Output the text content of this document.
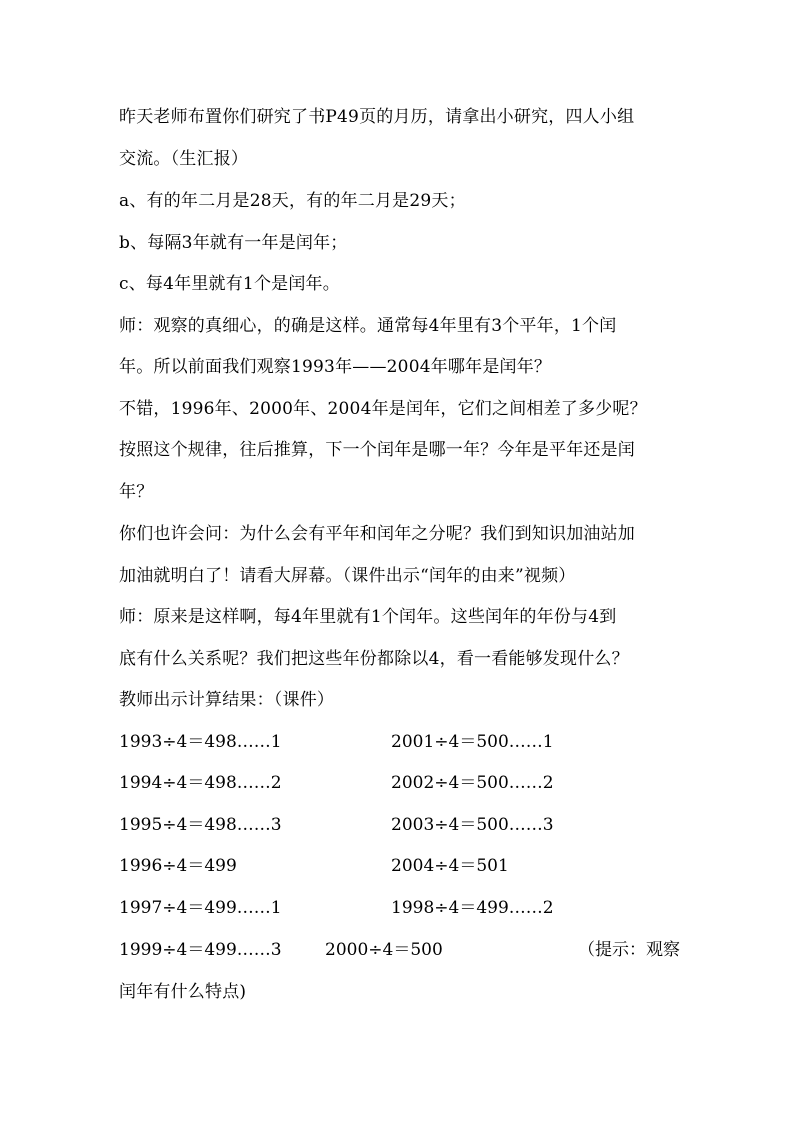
昨天老师布置你们研究了书P49页的月历，请拿出小研究，四人小组
交流。（生汇报）
a、有的年二月是28天，有的年二月是29天；
b、每隔3年就有一年是闰年；
c、每4年里就有1个是闰年。
师：观察的真细心，的确是这样。通常每4年里有3个平年，1个闰
年。所以前面我们观察1993年——2004年哪年是闰年？
不错，1996年、2000年、2004年是闰年，它们之间相差了多少呢？
按照这个规律，往后推算，下一个闰年是哪一年？今年是平年还是闰
年？
你们也许会问：为什么会有平年和闰年之分呢？我们到知识加油站加
加油就明白了！请看大屏幕。（课件出示“闰年的由来”视频）
师：原来是这样啊，每4年里就有1个闰年。这些闰年的年份与4到
底有什么关系呢？我们把这些年份都除以4，看一看能够发现什么？
教师出示计算结果：（课件）
1993÷4＝498……1	2001÷4＝500……1
1994÷4＝498……2	2002÷4＝500……2
1995÷4＝498……3	2003÷4＝500……3
1996÷4＝499	2004÷4＝501
1997÷4＝499……1	1998÷4＝499……2
1999÷4＝499……3	2000÷4＝500	（提示：观察
闰年有什么特点)
